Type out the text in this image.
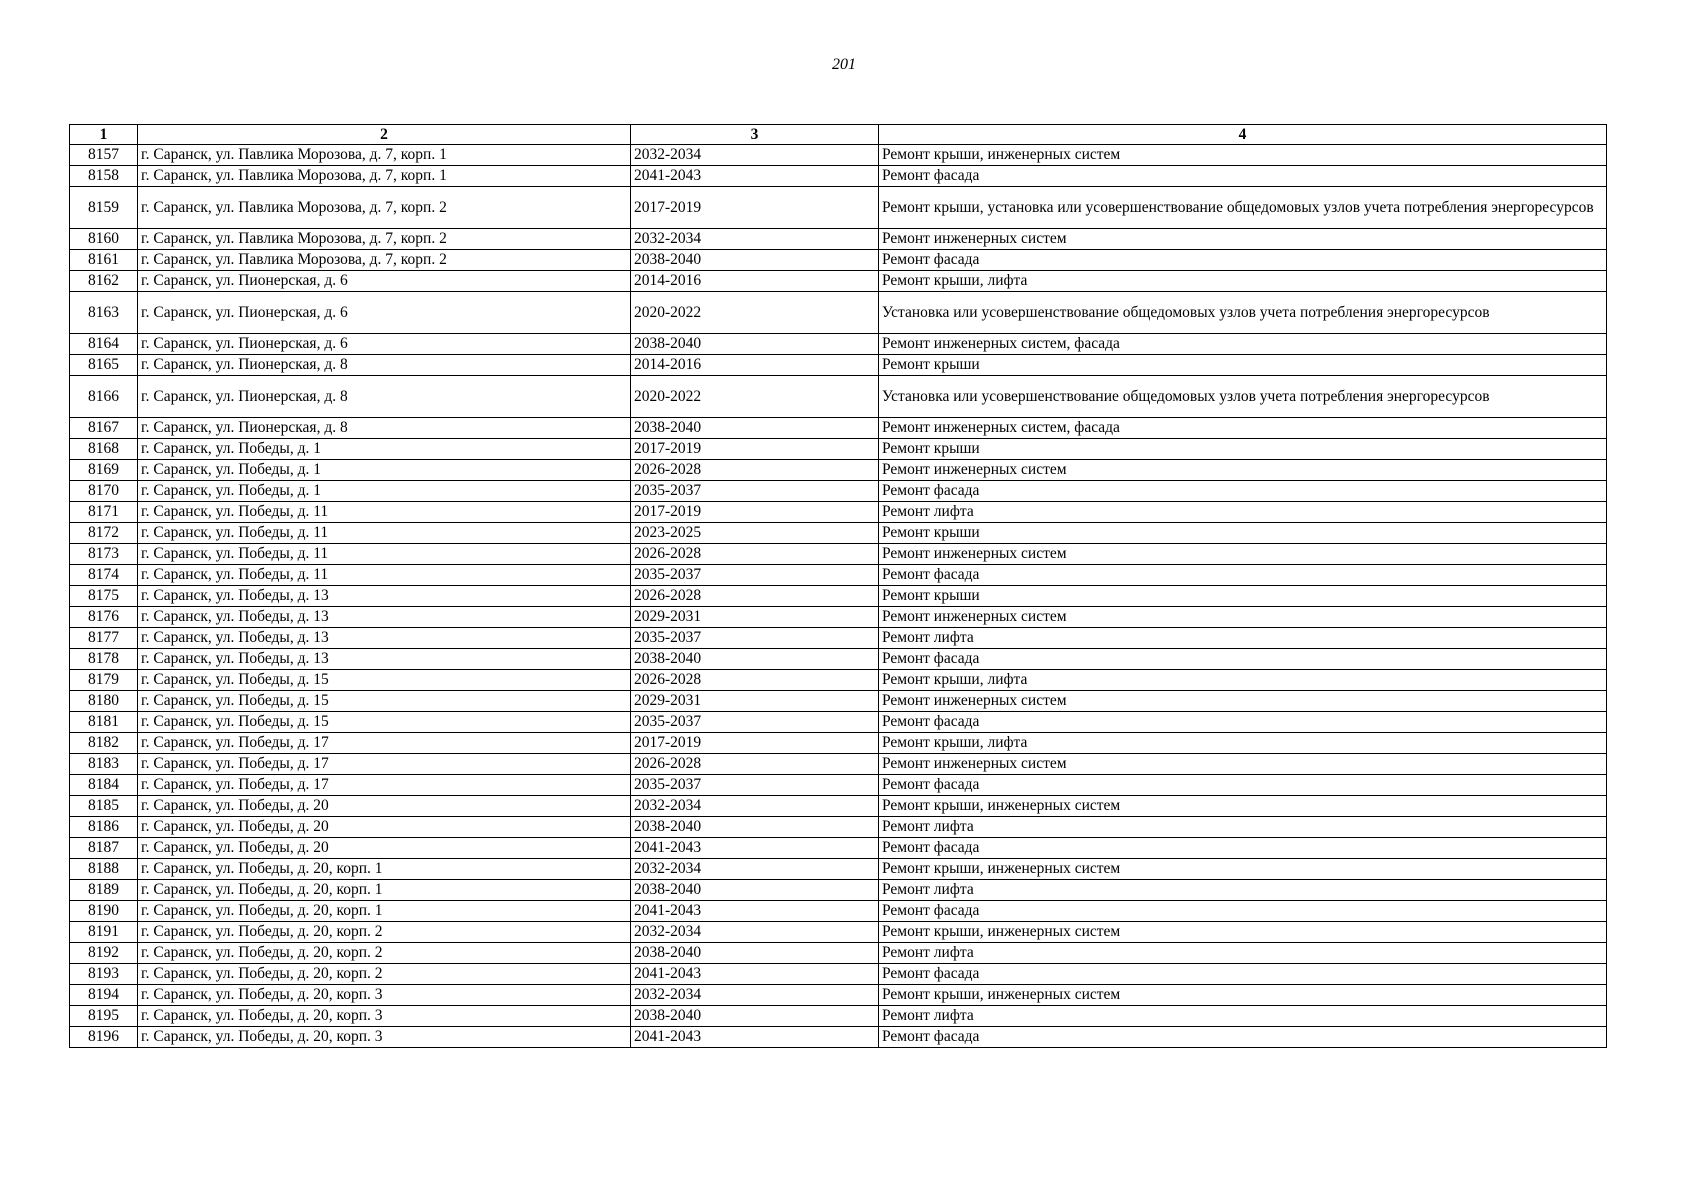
201
1	2	3	4
8157	г. Саранск, ул. Павлика Морозова, д. 7, корп. 1	2032-2034	Ремонт крыши, инженерных систем
8158	г. Саранск, ул. Павлика Морозова, д. 7, корп. 1	2041-2043	Ремонт фасада
8159	г. Саранск, ул. Павлика Морозова, д. 7, корп. 2	2017-2019	Ремонт крыши, установка или усовершенствование общедомовых узлов учета потребления энергоресурсов
8160	г. Саранск, ул. Павлика Морозова, д. 7, корп. 2	2032-2034	Ремонт инженерных систем
8161	г. Саранск, ул. Павлика Морозова, д. 7, корп. 2	2038-2040	Ремонт фасада
8162	г. Саранск, ул. Пионерская, д. 6	2014-2016	Ремонт крыши, лифта
8163	г. Саранск, ул. Пионерская, д. 6	2020-2022	Установка или усовершенствование общедомовых узлов учета потребления энергоресурсов
8164	г. Саранск, ул. Пионерская, д. 6	2038-2040	Ремонт инженерных систем, фасада
8165	г. Саранск, ул. Пионерская, д. 8	2014-2016	Ремонт крыши
8166	г. Саранск, ул. Пионерская, д. 8	2020-2022	Установка или усовершенствование общедомовых узлов учета потребления энергоресурсов
8167	г. Саранск, ул. Пионерская, д. 8	2038-2040	Ремонт инженерных систем, фасада
8168	г. Саранск, ул. Победы, д. 1	2017-2019	Ремонт крыши
8169	г. Саранск, ул. Победы, д. 1	2026-2028	Ремонт инженерных систем
8170	г. Саранск, ул. Победы, д. 1	2035-2037	Ремонт фасада
8171	г. Саранск, ул. Победы, д. 11	2017-2019	Ремонт лифта
8172	г. Саранск, ул. Победы, д. 11	2023-2025	Ремонт крыши
8173	г. Саранск, ул. Победы, д. 11	2026-2028	Ремонт инженерных систем
8174	г. Саранск, ул. Победы, д. 11	2035-2037	Ремонт фасада
8175	г. Саранск, ул. Победы, д. 13	2026-2028	Ремонт крыши
8176	г. Саранск, ул. Победы, д. 13	2029-2031	Ремонт инженерных систем
8177	г. Саранск, ул. Победы, д. 13	2035-2037	Ремонт лифта
8178	г. Саранск, ул. Победы, д. 13	2038-2040	Ремонт фасада
8179	г. Саранск, ул. Победы, д. 15	2026-2028	Ремонт крыши, лифта
8180	г. Саранск, ул. Победы, д. 15	2029-2031	Ремонт инженерных систем
8181	г. Саранск, ул. Победы, д. 15	2035-2037	Ремонт фасада
8182	г. Саранск, ул. Победы, д. 17	2017-2019	Ремонт крыши, лифта
8183	г. Саранск, ул. Победы, д. 17	2026-2028	Ремонт инженерных систем
8184	г. Саранск, ул. Победы, д. 17	2035-2037	Ремонт фасада
8185	г. Саранск, ул. Победы, д. 20	2032-2034	Ремонт крыши, инженерных систем
8186	г. Саранск, ул. Победы, д. 20	2038-2040	Ремонт лифта
8187	г. Саранск, ул. Победы, д. 20	2041-2043	Ремонт фасада
8188	г. Саранск, ул. Победы, д. 20, корп. 1	2032-2034	Ремонт крыши, инженерных систем
8189	г. Саранск, ул. Победы, д. 20, корп. 1	2038-2040	Ремонт лифта
8190	г. Саранск, ул. Победы, д. 20, корп. 1	2041-2043	Ремонт фасада
8191	г. Саранск, ул. Победы, д. 20, корп. 2	2032-2034	Ремонт крыши, инженерных систем
8192	г. Саранск, ул. Победы, д. 20, корп. 2	2038-2040	Ремонт лифта
8193	г. Саранск, ул. Победы, д. 20, корп. 2	2041-2043	Ремонт фасада
8194	г. Саранск, ул. Победы, д. 20, корп. 3	2032-2034	Ремонт крыши, инженерных систем
8195	г. Саранск, ул. Победы, д. 20, корп. 3	2038-2040	Ремонт лифта
8196	г. Саранск, ул. Победы, д. 20, корп. 3	2041-2043	Ремонт фасада
